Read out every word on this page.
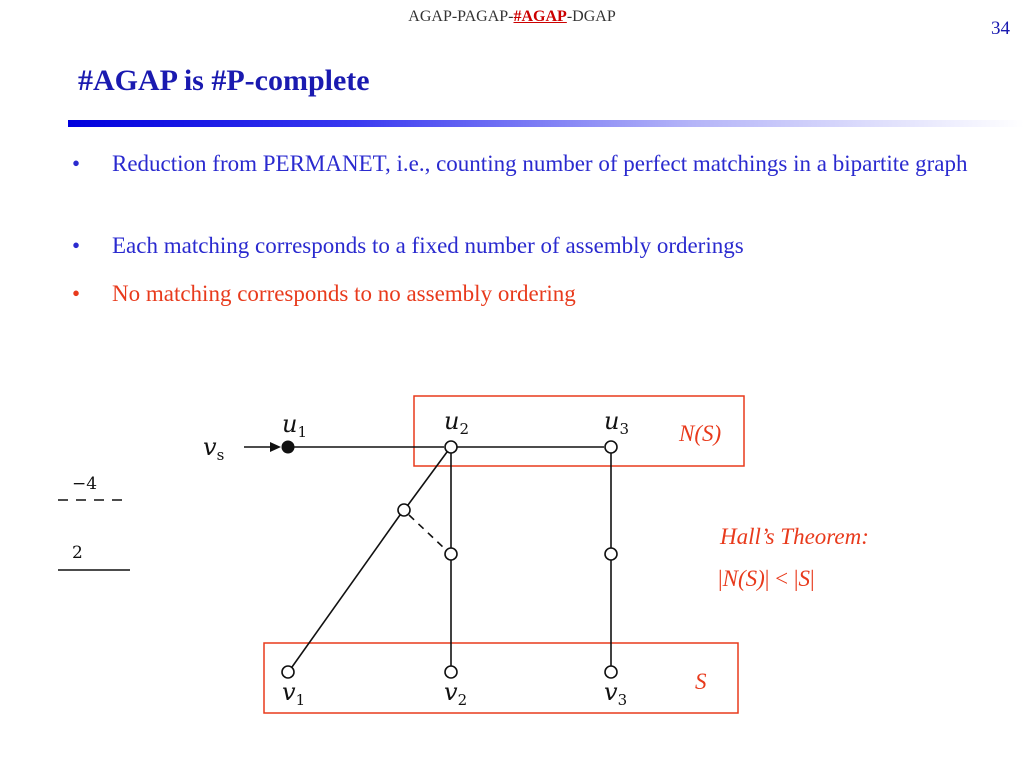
AGAP-PAGAP-#AGAP-DGAP
34
#AGAP is #P-complete
• Reduction from PERMANET, i.e., counting number of perfect matchings in a bipartite graph
• Each matching corresponds to a fixed number of assembly orderings
• No matching corresponds to no assembly ordering
vs
u1	u2	u3
v1	v2	v3
N(S)
S
−4
2
Hall’s Theorem:
|N(S)| < |S|
